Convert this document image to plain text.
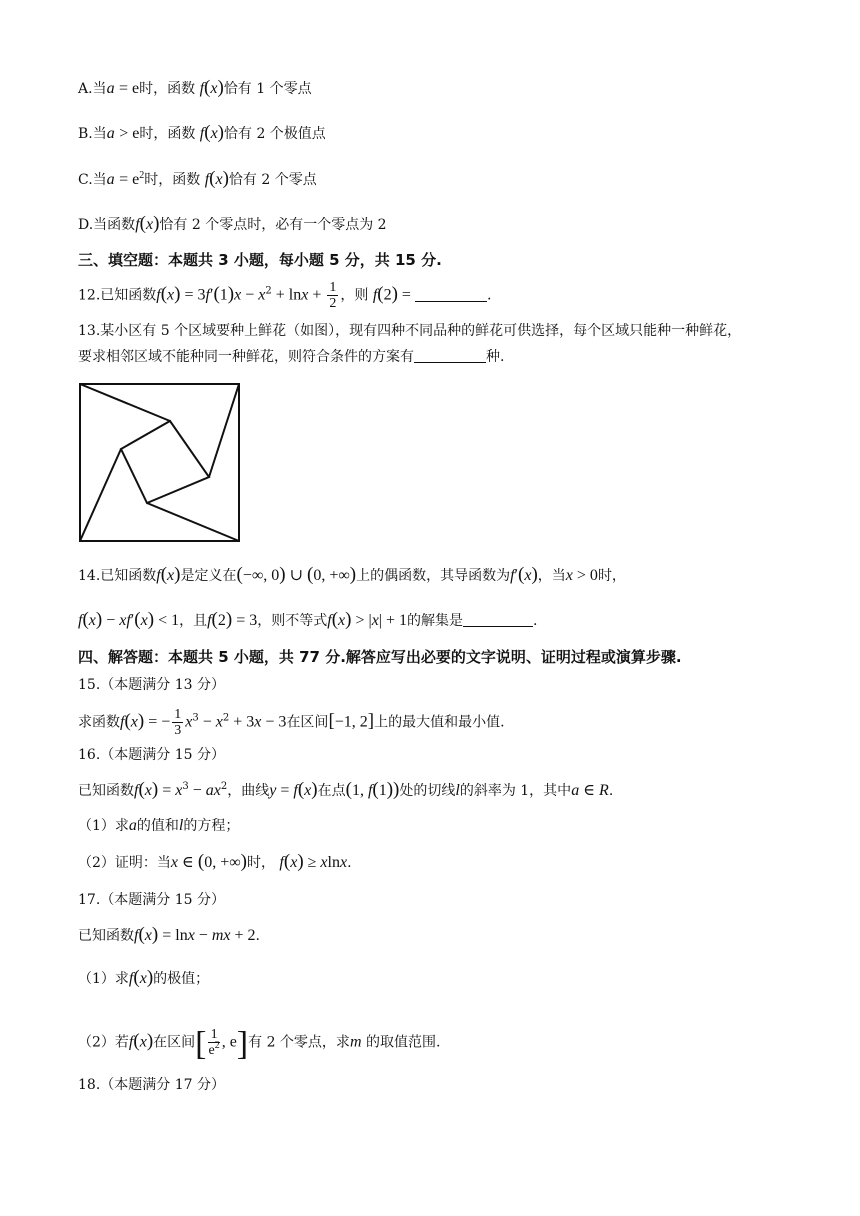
A.当a = e时，函数 f(x)恰有 1 个零点
B.当a > e时，函数 f(x)恰有 2 个极值点
C.当$a = e^2$时，函数 f(x)恰有 2 个零点
D.当函数f(x)恰有 2 个零点时，必有一个零点为 2
三、填空题：本题共 3 小题，每小题 5 分，共 15 分.
12.已知函数$f(x) = 3f'(1)x - x^2 + \ln x + \frac{1}{2}$ ，则 f(2) =	.
13.某小区有 5 个区域要种上鲜花（如图），现有四种不同品种的鲜花可供选择，每个区域只能种一种鲜花，
要求相邻区域不能种同一种鲜花，则符合条件的方案有	种.
14.已知函数f(x)是定义在(−∞, 0) ∪ (0, +∞)上的偶函数，其导函数为f′(x)，当x > 0时，
f(x) − xf′(x) < 1，且f(2) = 3，则不等式f(x) > |x| + 1的解集是	.
四、解答题：本题共 5 小题，共 77 分.解答应写出必要的文字说明、证明过程或演算步骤.
15.（本题满分 13 分）
求函数f(x) = − $\frac{1}{3} x^3 - x^2 + 3x - 3$在区间[−1, 2]上的最大值和最小值.
16.（本题满分 15 分）
已知函数$f(x) = x^3 - ax^2$，曲线y = f(x)在点(1, f(1))处的切线l的斜率为 1，其中a ∈ R.
（1）求a的值和l的方程；
（2）证明：当x ∈ (0, +∞)时， f(x) ≥ xlnx.
17.（本题满分 15 分）
已知函数f(x) = lnx − mx + 2.
（1）求f(x)的极值；
（2）若f(x)在区间[ $\frac{1}{e^2}$ , e]有 2 个零点，求m 的取值范围.
18.（本题满分 17 分）
